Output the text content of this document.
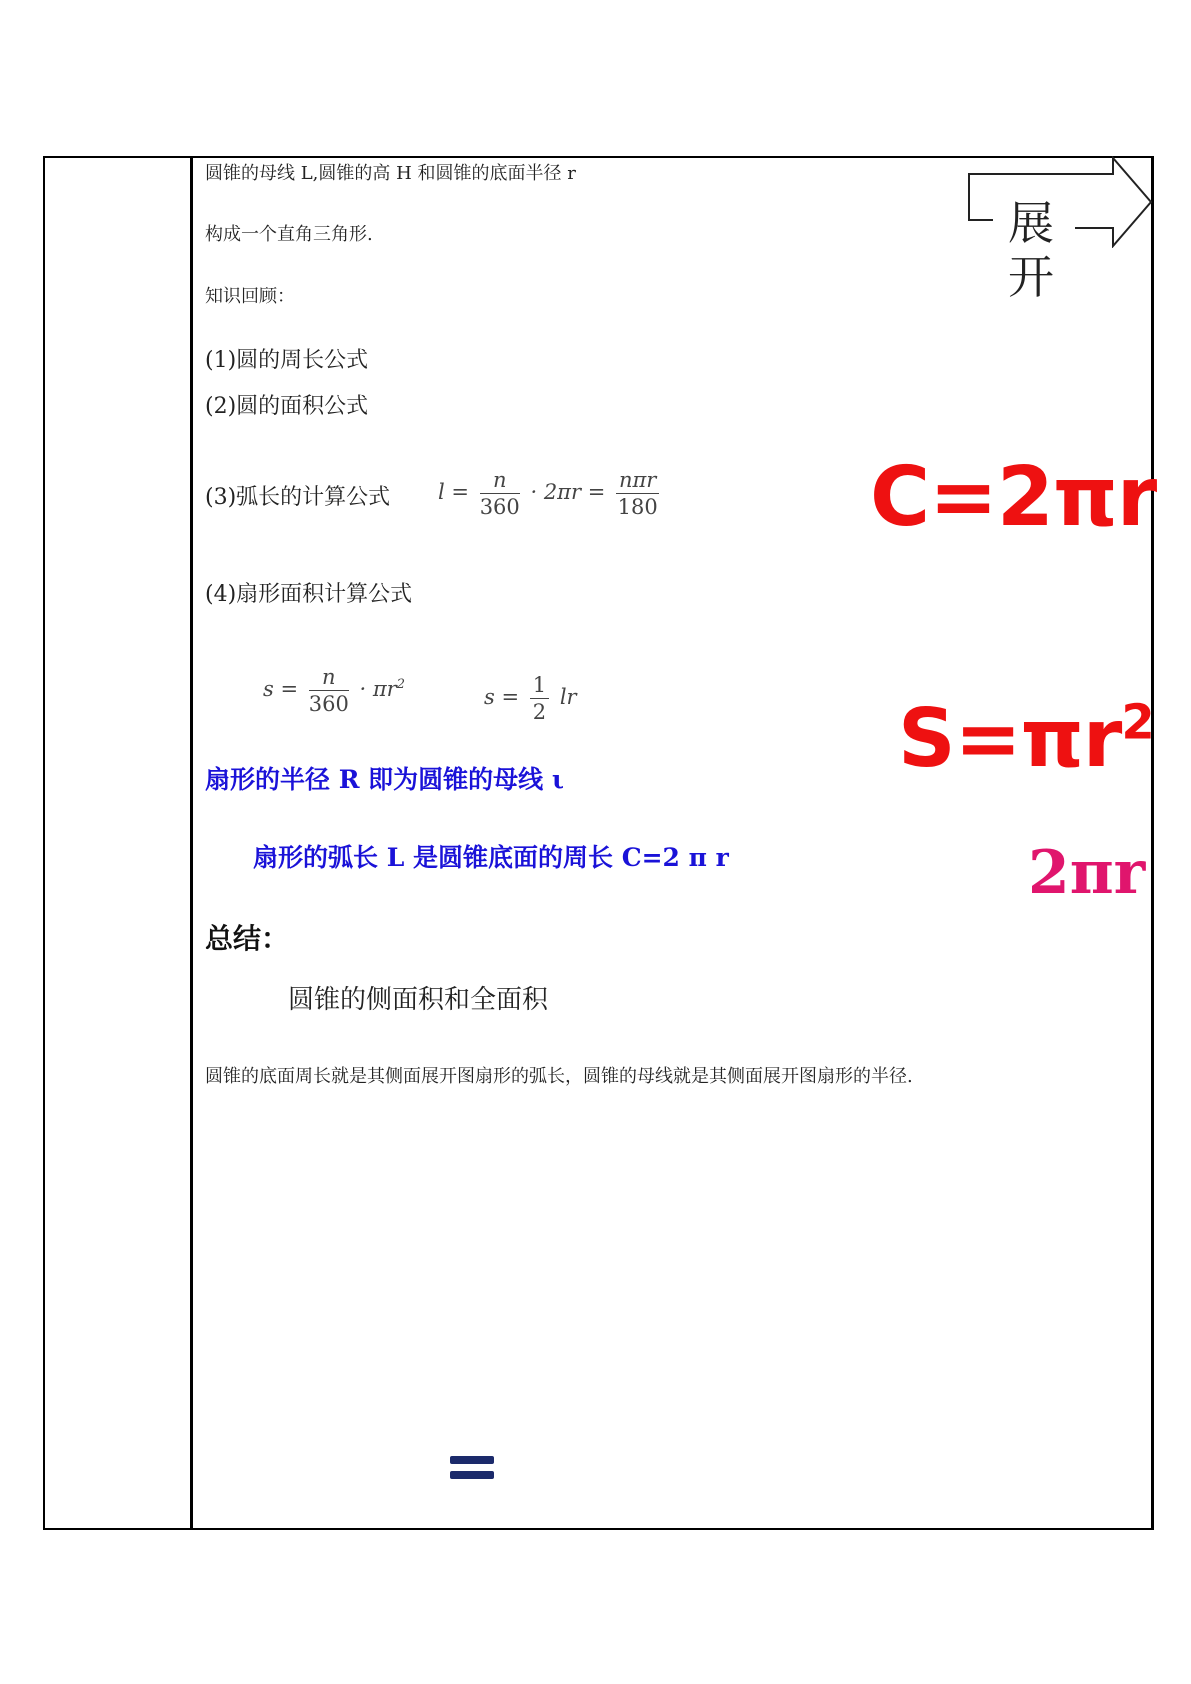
圆锥的母线 L,圆锥的高 H 和圆锥的底面半径 r
构成一个直角三角形.
知识回顾：
(1)圆的周长公式
(2)圆的面积公式
(3)弧长的计算公式 $l = \frac{n}{360} \cdot 2\pi r = \frac{\text{nπr}}{180}$
(4)扇形面积计算公式
$s = \frac{n}{360} \cdot \pi r^2$
$s = \frac{1}{2}$ lr
扇形的半径 R 即为圆锥的母线 ι
扇形的弧长 L 是圆锥底面的周长 C=2 π r
总结：
圆锥的侧面积和全面积
圆锥的底面周长就是其侧面展开图扇形的弧长，圆锥的母线就是其侧面展开图扇形的半径.
展
开
C=2πr
$S=\pi r^2$
2πr
